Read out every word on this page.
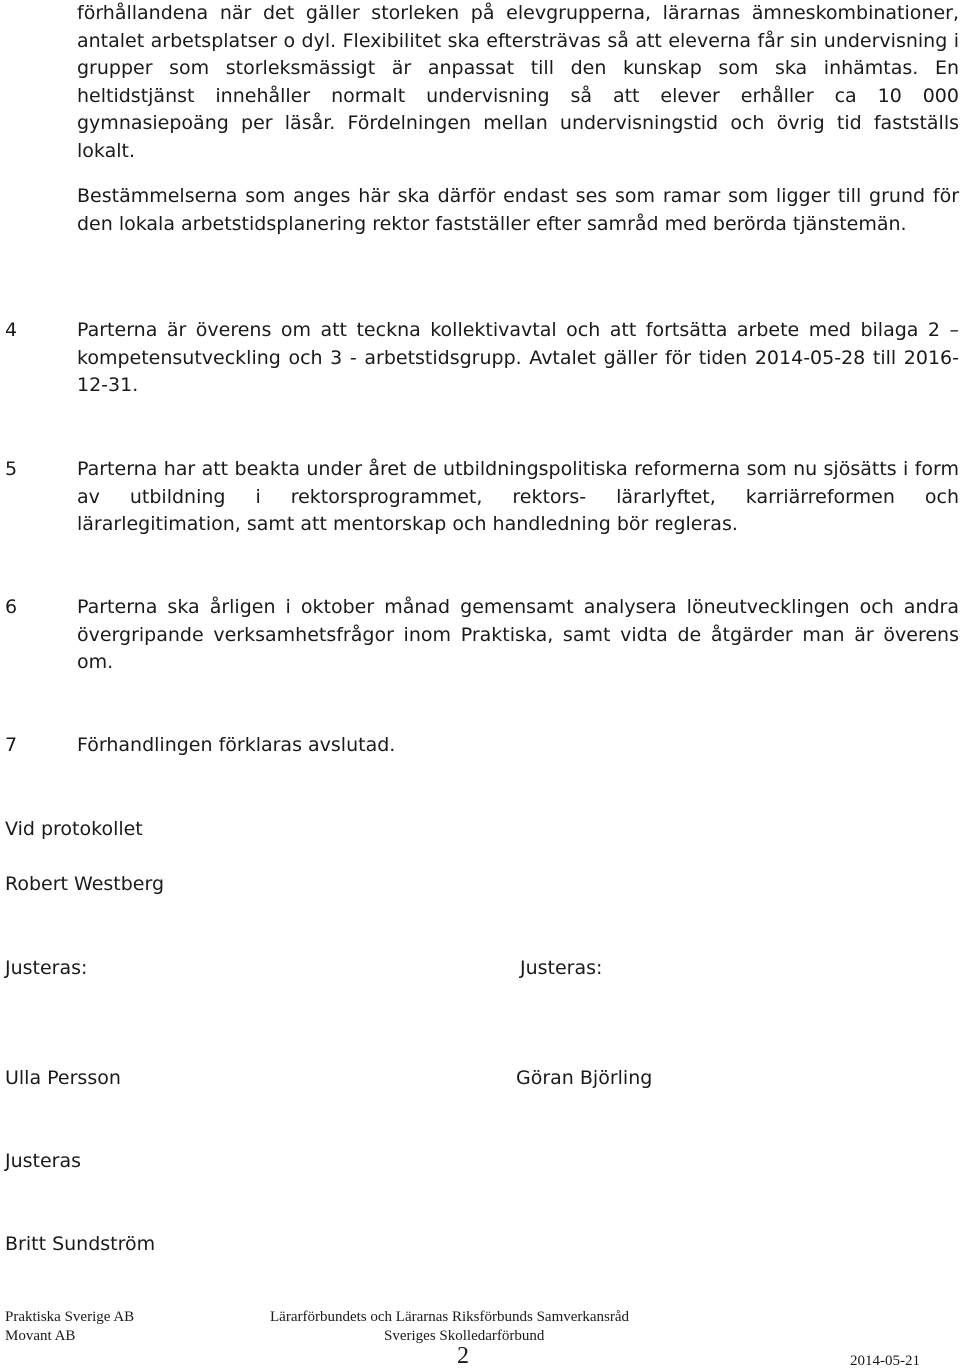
förhållandena när det gäller storleken på elevgrupperna, lärarnas ämneskombinationer, antalet arbetsplatser o dyl. Flexibilitet ska eftersträvas så att eleverna får sin undervisning i grupper som storleksmässigt är anpassat till den kunskap som ska inhämtas. En heltidstjänst innehåller normalt undervisning så att elever erhåller ca 10 000 gymnasiepoäng per läsår. Fördelningen mellan undervisningstid och övrig tid fastställs lokalt.

Bestämmelserna som anges här ska därför endast ses som ramar som ligger till grund för den lokala arbetstidsplanering rektor fastställer efter samråd med berörda tjänstemän.

4	Parterna är överens om att teckna kollektivavtal och att fortsätta arbete med bilaga 2 – kompetensutveckling och 3 - arbetstidsgrupp. Avtalet gäller för tiden 2014-05-28 till 2016-12-31.

5	Parterna har att beakta under året de utbildningspolitiska reformerna som nu sjösätts i form av utbildning i rektorsprogrammet, rektors- lärarlyftet, karriärreformen och lärarlegitimation, samt att mentorskap och handledning bör regleras.

6	Parterna ska årligen i oktober månad gemensamt analysera löneutvecklingen och andra övergripande verksamhetsfrågor inom Praktiska, samt vidta de åtgärder man är överens om.

7	Förhandlingen förklaras avslutad.

Vid protokollet
Robert Westberg
Justeras:	Justeras:
Ulla Persson	Göran Björling
Justeras
Britt Sundström
Praktiska Sverige AB
Movant AB
Lärarförbundets och Lärarnas Riksförbunds Samverkansråd
Sveriges Skolledarförbund
2	2014-05-21
